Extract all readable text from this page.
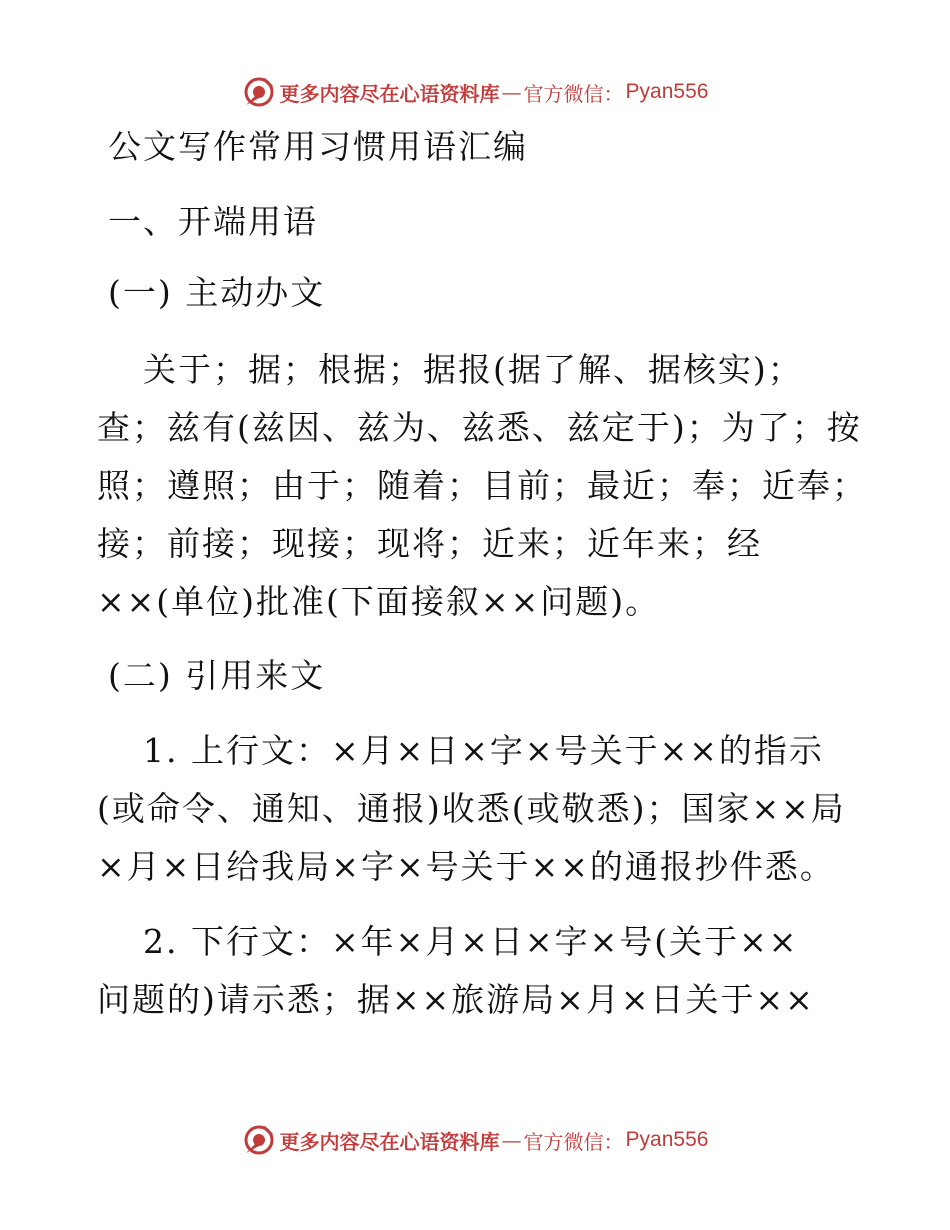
更多内容尽在心语资料库 — 官方微信： Pyan556
公文写作常用习惯用语汇编
一、开端用语
(一) 主动办文
关于；据；根据；据报(据了解、据核实)；
查；兹有(兹因、兹为、兹悉、兹定于)；为了；按
照；遵照；由于；随着；目前；最近；奉；近奉；
接；前接；现接；现将；近来；近年来；经
××(单位)批准(下面接叙××问题)。
(二) 引用来文
1. 上行文：×月×日×字×号关于××的指示
(或命令、通知、通报)收悉(或敬悉)；国家××局
×月×日给我局×字×号关于××的通报抄件悉。
2. 下行文：×年×月×日×字×号(关于××
问题的)请示悉；据××旅游局×月×日关于××
更多内容尽在心语资料库 — 官方微信： Pyan556
